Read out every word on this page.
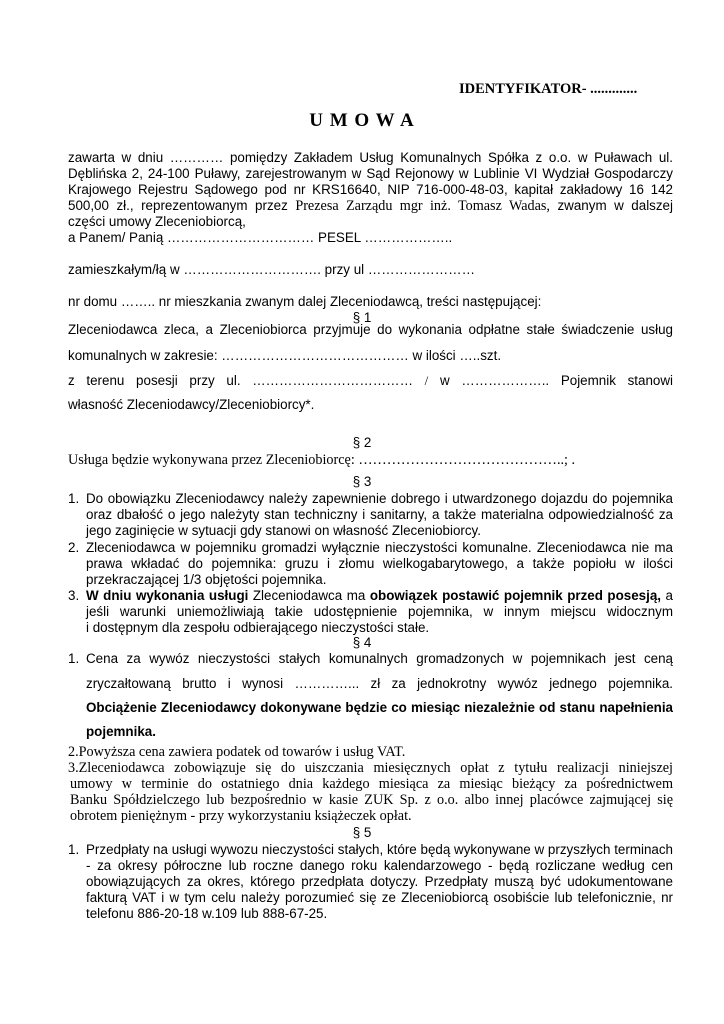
IDENTYFIKATOR- .............
U M O W A
zawarta w dniu ………… pomiędzy Zakładem Usług Komunalnych Spółka z o.o. w Puławach ul.
Dęblińska 2, 24-100 Puławy, zarejestrowanym w Sąd Rejonowy w Lublinie VI Wydział Gospodarczy
Krajowego Rejestru Sądowego pod nr KRS16640, NIP 716-000-48-03, kapitał zakładowy 16 142
500,00 zł., reprezentowanym przez Prezesa Zarządu mgr inż. Tomasz Wadas, zwanym w dalszej
części umowy Zleceniobiorcą,
a Panem/ Panią …………………………… PESEL ………………..
zamieszkałym/łą w …………………………. przy ul ……………………
nr domu …….. nr mieszkania zwanym dalej Zleceniodawcą, treści następującej:
§ 1
Zleceniodawca zleca, a Zleceniobiorca przyjmuje do wykonania odpłatne stałe świadczenie usług
komunalnych w zakresie: …………………………………… w ilości …..szt.
z terenu posesji przy ul. ……………………………… / w ……………….. Pojemnik stanowi
własność Zleceniodawcy/Zleceniobiorcy*.
§ 2
Usługa będzie wykonywana przez Zleceniobiorcę: ……………………………………..; .
§ 3
1. Do obowiązku Zleceniodawcy należy zapewnienie dobrego i utwardzonego dojazdu do pojemnika
oraz dbałość o jego należyty stan techniczny i sanitarny, a także materialna odpowiedzialność za
jego zaginięcie w sytuacji gdy stanowi on własność Zleceniobiorcy.
2. Zleceniodawca w pojemniku gromadzi wyłącznie nieczystości komunalne. Zleceniodawca nie ma
prawa wkładać do pojemnika: gruzu i złomu wielkogabarytowego, a także popiołu w ilości
przekraczającej 1/3 objętości pojemnika.
3. W dniu wykonania usługi Zleceniodawca ma obowiązek postawić pojemnik przed posesją, a
jeśli warunki uniemożliwiają takie udostępnienie pojemnika, w innym miejscu widocznym
i dostępnym dla zespołu odbierającego nieczystości stałe.
§ 4
1. Cena za wywóz nieczystości stałych komunalnych gromadzonych w pojemnikach jest ceną
zryczałtowaną brutto i wynosi …………... zł za jednokrotny wywóz jednego pojemnika.
Obciążenie Zleceniodawcy dokonywane będzie co miesiąc niezależnie od stanu napełnienia
pojemnika.
2.Powyższa cena zawiera podatek od towarów i usług VAT.
3.Zleceniodawca zobowiązuje się do uiszczania miesięcznych opłat z tytułu realizacji niniejszej
umowy w terminie do ostatniego dnia każdego miesiąca za miesiąc bieżący za pośrednictwem
Banku Spółdzielczego lub bezpośrednio w kasie ZUK Sp. z o.o. albo innej placówce zajmującej się
obrotem pieniężnym - przy wykorzystaniu książeczek opłat.
§ 5
1. Przedpłaty na usługi wywozu nieczystości stałych, które będą wykonywane w przyszłych terminach
- za okresy półroczne lub roczne danego roku kalendarzowego - będą rozliczane według cen
obowiązujących za okres, którego przedpłata dotyczy. Przedpłaty muszą być udokumentowane
fakturą VAT i w tym celu należy porozumieć się ze Zleceniobiorcą osobiście lub telefonicznie, nr
telefonu 886-20-18 w.109 lub 888-67-25.
